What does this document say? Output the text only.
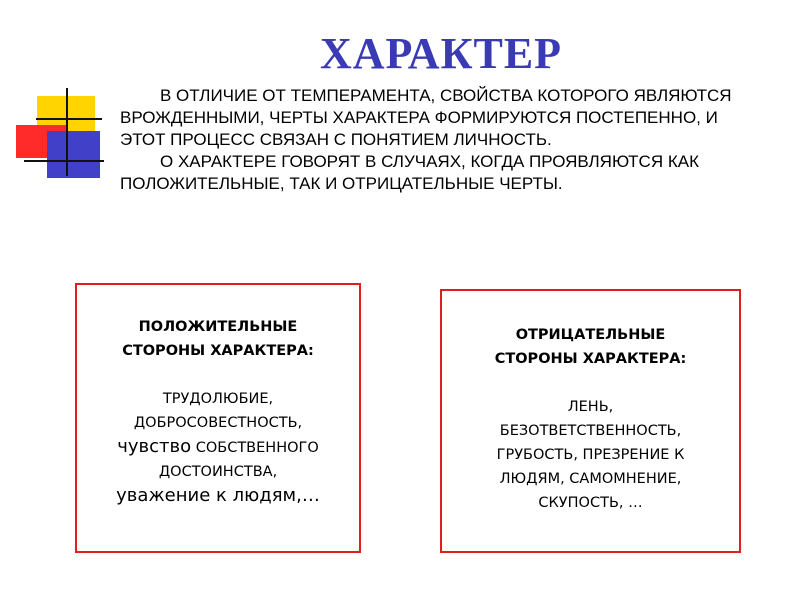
ХАРАКТЕР

В ОТЛИЧИЕ ОТ ТЕМПЕРАМЕНТА, СВОЙСТВА КОТОРОГО ЯВЛЯЮТСЯ ВРОЖДЕННЫМИ, ЧЕРТЫ ХАРАКТЕРА ФОРМИРУЮТСЯ ПОСТЕПЕННО, И ЭТОТ ПРОЦЕСС СВЯЗАН С ПОНЯТИЕМ ЛИЧНОСТЬ.

О ХАРАКТЕРЕ ГОВОРЯТ В СЛУЧАЯХ, КОГДА ПРОЯВЛЯЮТСЯ КАК ПОЛОЖИТЕЛЬНЫЕ, ТАК И ОТРИЦАТЕЛЬНЫЕ ЧЕРТЫ.

ПОЛОЖИТЕЛЬНЫЕ
СТОРОНЫ ХАРАКТЕРА:
ТРУДОЛЮБИЕ,
ДОБРОСОВЕСТНОСТЬ,
чувство СОБСТВЕННОГО
ДОСТОИНСТВА,
уважение к людям,…
ОТРИЦАТЕЛЬНЫЕ
СТОРОНЫ ХАРАКТЕРА:
ЛЕНЬ,
БЕЗОТВЕТСТВЕННОСТЬ,
ГРУБОСТЬ, ПРЕЗРЕНИЕ К
ЛЮДЯМ, САМОМНЕНИЕ,
СКУПОСТЬ, …
